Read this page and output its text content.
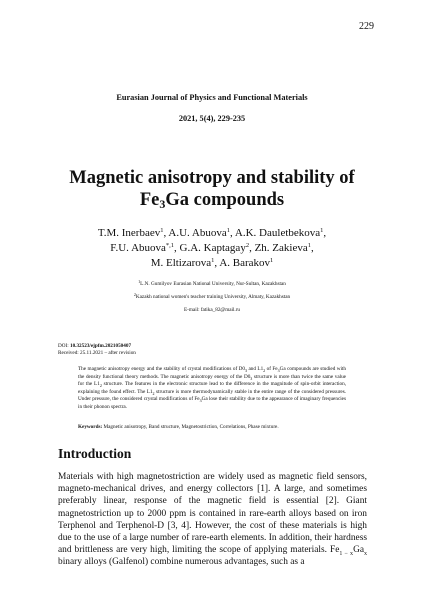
229
Eurasian Journal of Physics and Functional Materials
2021, 5(4), 229-235
Magnetic anisotropy and stability of
$Fe_3Ga$ compounds
T.M. Inerbaev$^1$, A.U. Abuova$^1$, A.K. Dauletbekova$^1$,
F.U. Abuova$^{*,1}$, G.A. Kaptagay$^2$, Zh. Zakieva$^1$,
M. Eltizarova$^1$, A. Barakov$^1$
$^1$L.N. Gumilyov Eurasian National University, Nur-Sultan, Kazakhstan
$^2$Kazakh national women's teacher training University, Almaty, Kazakhstan
E-mail: fatika_82@mail.ru
DOI: 10.32523/ejpfm.2021050407
Received: 25.11.2021 – after revision
The magnetic anisotropy energy and the stability of crystal modifications of $D0_3$ and $L1_2$ of $Fe_3Ga$ compounds are studied with the density functional theory methods. The magnetic anisotropy energy of the $D0_3$ structure is more than twice the same value for the $L1_2$ structure. The features in the electronic structure lead to the difference in the magnitude of spin-orbit interaction, explaining the found effect. The $L1_2$ structure is more thermodynamically stable in the entire range of the considered pressures. Under pressure, the considered crystal modifications of $Fe_3Ga$ lose their stability due to the appearance of imaginary frequencies in their phonon spectra.
Keywords: Magnetic anisotropy, Band structure, Magnetostriction, Correlations, Phase mixture.
Introduction

Materials with high magnetostriction are widely used as magnetic field sensors, magneto-mechanical drives, and energy collectors [1]. A large, and sometimes preferably linear, response of the magnetic field is essential [2]. Giant magnetostriction up to 2000 ppm is contained in rare-earth alloys based on iron Terphenol and Terphenol-D [3, 4]. However, the cost of these materials is high due to the use of a large number of rare-earth elements. In addition, their hardness and brittleness are very high, limiting the scope of applying materials. $Fe_{1 - x}Ga_x$ binary alloys (Galfenol) combine numerous advantages, such as a
